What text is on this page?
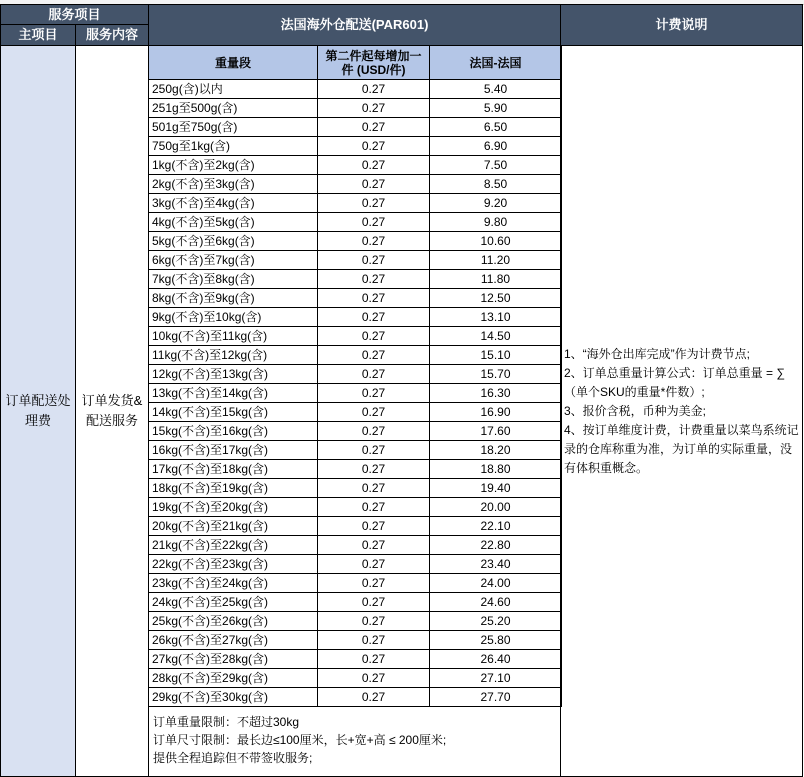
服务项目
主项目	服务内容
法国海外仓配送(PAR601)	计费说明
订单配送处理费
订单发货&配送服务
重量段	第二件起每增加一件 (USD/件)	法国-法国
250g(含)以内	0.27	5.40
251g至500g(含)	0.27	5.90
501g至750g(含)	0.27	6.50
750g至1kg(含)	0.27	6.90
1kg(不含)至2kg(含)	0.27	7.50
2kg(不含)至3kg(含)	0.27	8.50
3kg(不含)至4kg(含)	0.27	9.20
4kg(不含)至5kg(含)	0.27	9.80
5kg(不含)至6kg(含)	0.27	10.60
6kg(不含)至7kg(含)	0.27	11.20
7kg(不含)至8kg(含)	0.27	11.80
8kg(不含)至9kg(含)	0.27	12.50
9kg(不含)至10kg(含)	0.27	13.10
10kg(不含)至11kg(含)	0.27	14.50
11kg(不含)至12kg(含)	0.27	15.10
12kg(不含)至13kg(含)	0.27	15.70
13kg(不含)至14kg(含)	0.27	16.30
14kg(不含)至15kg(含)	0.27	16.90
15kg(不含)至16kg(含)	0.27	17.60
16kg(不含)至17kg(含)	0.27	18.20
17kg(不含)至18kg(含)	0.27	18.80
18kg(不含)至19kg(含)	0.27	19.40
19kg(不含)至20kg(含)	0.27	20.00
20kg(不含)至21kg(含)	0.27	22.10
21kg(不含)至22kg(含)	0.27	22.80
22kg(不含)至23kg(含)	0.27	23.40
23kg(不含)至24kg(含)	0.27	24.00
24kg(不含)至25kg(含)	0.27	24.60
25kg(不含)至26kg(含)	0.27	25.20
26kg(不含)至27kg(含)	0.27	25.80
27kg(不含)至28kg(含)	0.27	26.40
28kg(不含)至29kg(含)	0.27	27.10
29kg(不含)至30kg(含)	0.27	27.70
订单重量限制：不超过30kg
订单尺寸限制：最长边≤100厘米，长+宽+高 ≤ 200厘米;
提供全程追踪但不带签收服务;
1、“海外仓出库完成”作为计费节点;
2、订单总重量计算公式：订单总重量 = ∑（单个SKU的重量*件数）;
3、报价含税，币种为美金;
4、按订单维度计费，计费重量以菜鸟系统记录的仓库称重为准，为订单的实际重量，没有体积重概念。
